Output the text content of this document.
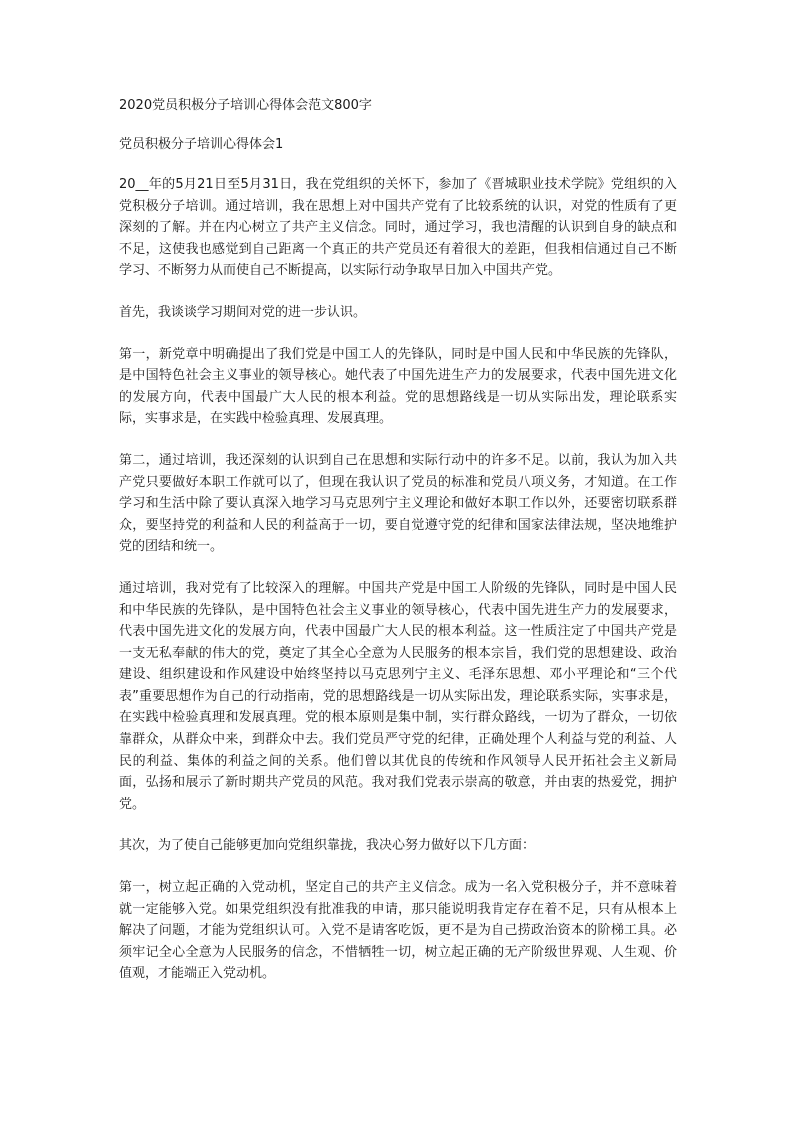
2020党员积极分子培训心得体会范文800字
党员积极分子培训心得体会1

20__年的5月21日至5月31日，我在党组织的关怀下，参加了《晋城职业技术学院》党组织的入党积极分子培训。通过培训，我在思想上对中国共产党有了比较系统的认识，对党的性质有了更深刻的了解。并在内心树立了共产主义信念。同时，通过学习，我也清醒的认识到自身的缺点和不足，这使我也感觉到自己距离一个真正的共产党员还有着很大的差距，但我相信通过自己不断学习、不断努力从而使自己不断提高，以实际行动争取早日加入中国共产党。

首先，我谈谈学习期间对党的进一步认识。

第一，新党章中明确提出了我们党是中国工人的先锋队，同时是中国人民和中华民族的先锋队，是中国特色社会主义事业的领导核心。她代表了中国先进生产力的发展要求，代表中国先进文化的发展方向，代表中国最广大人民的根本利益。党的思想路线是一切从实际出发，理论联系实际，实事求是，在实践中检验真理、发展真理。

第二，通过培训，我还深刻的认识到自己在思想和实际行动中的许多不足。以前，我认为加入共产党只要做好本职工作就可以了，但现在我认识了党员的标准和党员八项义务，才知道。在工作学习和生活中除了要认真深入地学习马克思列宁主义理论和做好本职工作以外，还要密切联系群众，要坚持党的利益和人民的利益高于一切，要自觉遵守党的纪律和国家法律法规，坚决地维护党的团结和统一。

通过培训，我对党有了比较深入的理解。中国共产党是中国工人阶级的先锋队，同时是中国人民和中华民族的先锋队，是中国特色社会主义事业的领导核心，代表中国先进生产力的发展要求，代表中国先进文化的发展方向，代表中国最广大人民的根本利益。这一性质注定了中国共产党是一支无私奉献的伟大的党，奠定了其全心全意为人民服务的根本宗旨，我们党的思想建设、政治建设、组织建设和作风建设中始终坚持以马克思列宁主义、毛泽东思想、邓小平理论和“三个代表”重要思想作为自己的行动指南，党的思想路线是一切从实际出发，理论联系实际，实事求是，在实践中检验真理和发展真理。党的根本原则是集中制，实行群众路线，一切为了群众，一切依靠群众，从群众中来，到群众中去。我们党员严守党的纪律，正确处理个人利益与党的利益、人民的利益、集体的利益之间的关系。他们曾以其优良的传统和作风领导人民开拓社会主义新局面，弘扬和展示了新时期共产党员的风范。我对我们党表示崇高的敬意，并由衷的热爱党，拥护党。

其次，为了使自己能够更加向党组织靠拢，我决心努力做好以下几方面：

第一，树立起正确的入党动机，坚定自己的共产主义信念。成为一名入党积极分子，并不意味着就一定能够入党。如果党组织没有批准我的申请，那只能说明我肯定存在着不足，只有从根本上解决了问题，才能为党组织认可。入党不是请客吃饭，更不是为自己捞政治资本的阶梯工具。必须牢记全心全意为人民服务的信念，不惜牺牲一切，树立起正确的无产阶级世界观、人生观、价值观，才能端正入党动机。
